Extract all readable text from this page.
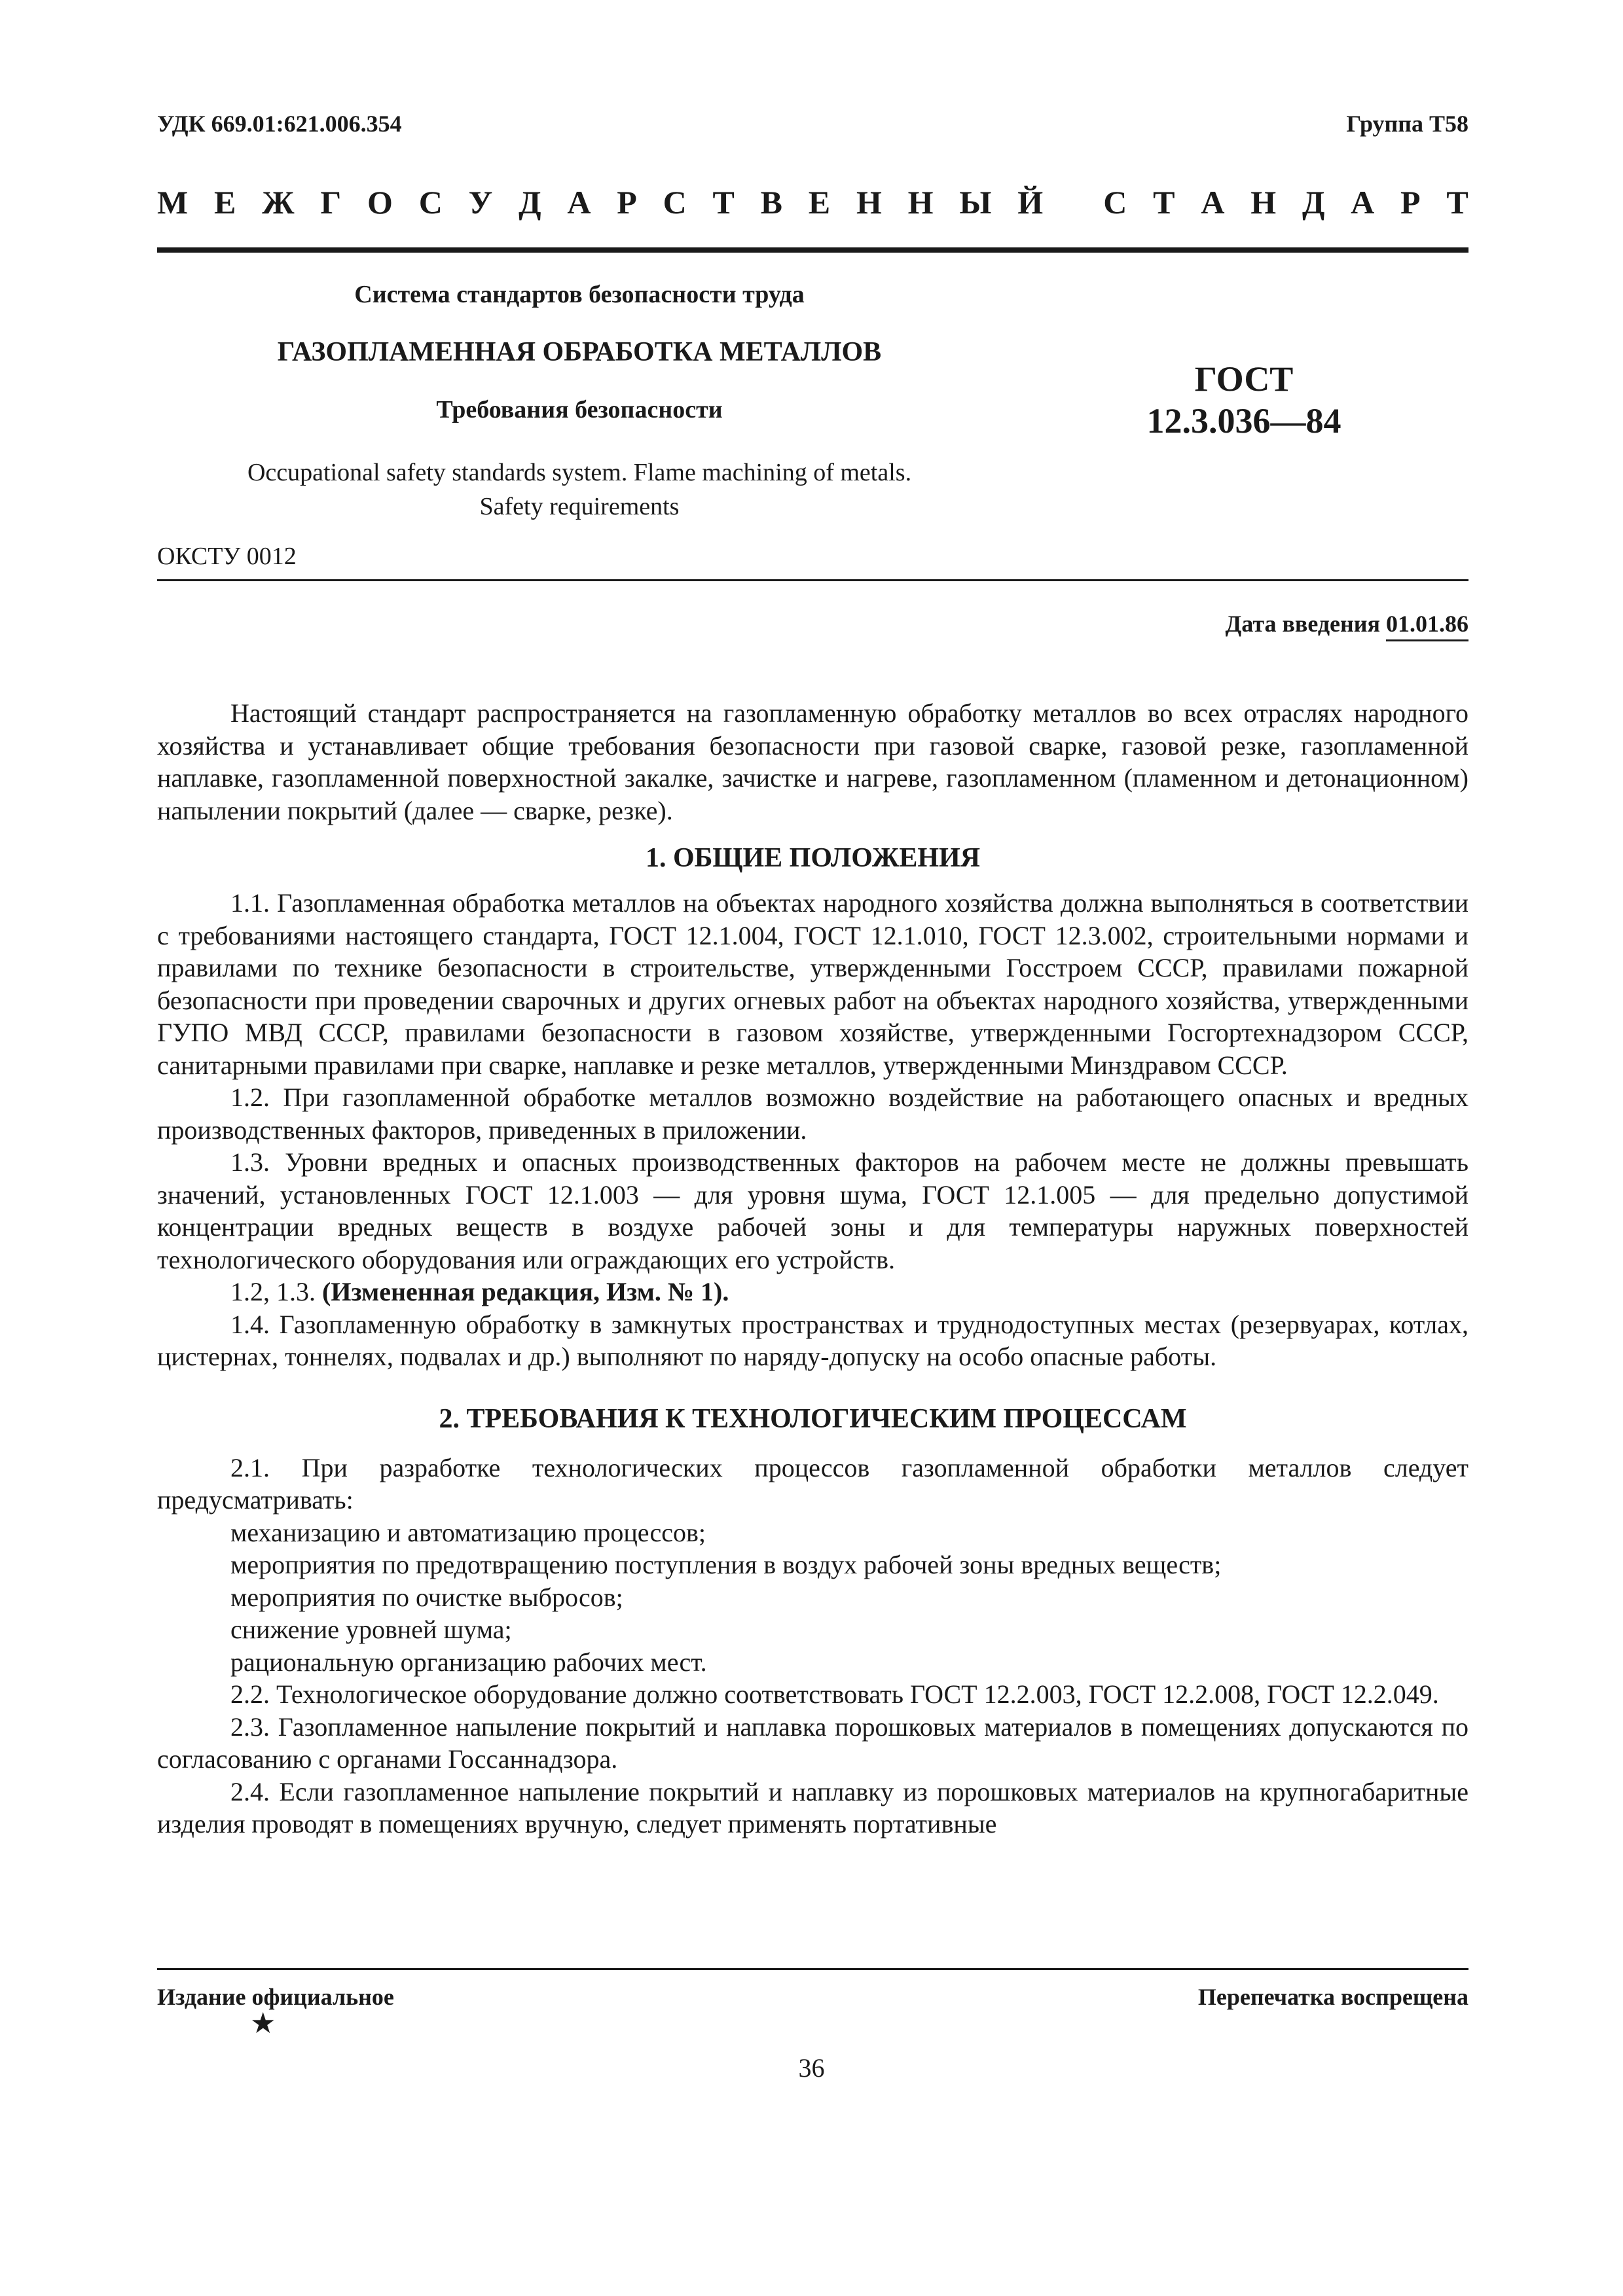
УДК 669.01:621.006.354	Группа Т58
М Е Ж Г О С У Д А Р С Т В Е Н Н Ы Й
С Т А Н Д А Р Т
Система стандартов безопасности труда
ГАЗОПЛАМЕННАЯ ОБРАБОТКА МЕТАЛЛОВ
Требования безопасности
Occupational safety standards system. Flame machining of metals.
Safety requirements
ГОСТ
12.3.036—84
ОКСТУ 0012
Дата введения 01.01.86

Настоящий стандарт распространяется на газопламенную обработку металлов во всех отраслях народного хозяйства и устанавливает общие требования безопасности при газовой сварке, газовой резке, газопламенной наплавке, газопламенной поверхностной закалке, зачистке и нагреве, газопламенном (пламенном и детонационном) напылении покрытий (далее — сварке, резке).

1. ОБЩИЕ ПОЛОЖЕНИЯ

1.1. Газопламенная обработка металлов на объектах народного хозяйства должна выполняться в соответствии с требованиями настоящего стандарта, ГОСТ 12.1.004, ГОСТ 12.1.010, ГОСТ 12.3.002, строительными нормами и правилами по технике безопасности в строительстве, утвержденными Госстроем СССР, правилами пожарной безопасности при проведении сварочных и других огневых работ на объектах народного хозяйства, утвержденными ГУПО МВД СССР, правилами безопасности в газовом хозяйстве, утвержденными Госгортехнадзором СССР, санитарными правилами при сварке, наплавке и резке металлов, утвержденными Минздравом СССР.

1.2. При газопламенной обработке металлов возможно воздействие на работающего опасных и вредных производственных факторов, приведенных в приложении.

1.3. Уровни вредных и опасных производственных факторов на рабочем месте не должны превышать значений, установленных ГОСТ 12.1.003 — для уровня шума, ГОСТ 12.1.005 — для предельно допустимой концентрации вредных веществ в воздухе рабочей зоны и для температуры наружных поверхностей технологического оборудования или ограждающих его устройств.

1.2, 1.3. (Измененная редакция, Изм. № 1).

1.4. Газопламенную обработку в замкнутых пространствах и труднодоступных местах (резервуарах, котлах, цистернах, тоннелях, подвалах и др.) выполняют по наряду-допуску на особо опасные работы.

2. ТРЕБОВАНИЯ К ТЕХНОЛОГИЧЕСКИМ ПРОЦЕССАМ

2.1. При разработке технологических процессов газопламенной обработки металлов следует предусматривать:

механизацию и автоматизацию процессов;

мероприятия по предотвращению поступления в воздух рабочей зоны вредных веществ;

мероприятия по очистке выбросов;

снижение уровней шума;

рациональную организацию рабочих мест.

2.2. Технологическое оборудование должно соответствовать ГОСТ 12.2.003, ГОСТ 12.2.008, ГОСТ 12.2.049.

2.3. Газопламенное напыление покрытий и наплавка порошковых материалов в помещениях допускаются по согласованию с органами Госсаннадзора.

2.4. Если газопламенное напыление покрытий и наплавку из порошковых материалов на крупногабаритные изделия проводят в помещениях вручную, следует применять портативные

Издание официальное	Перепечатка воспрещена
★
36
